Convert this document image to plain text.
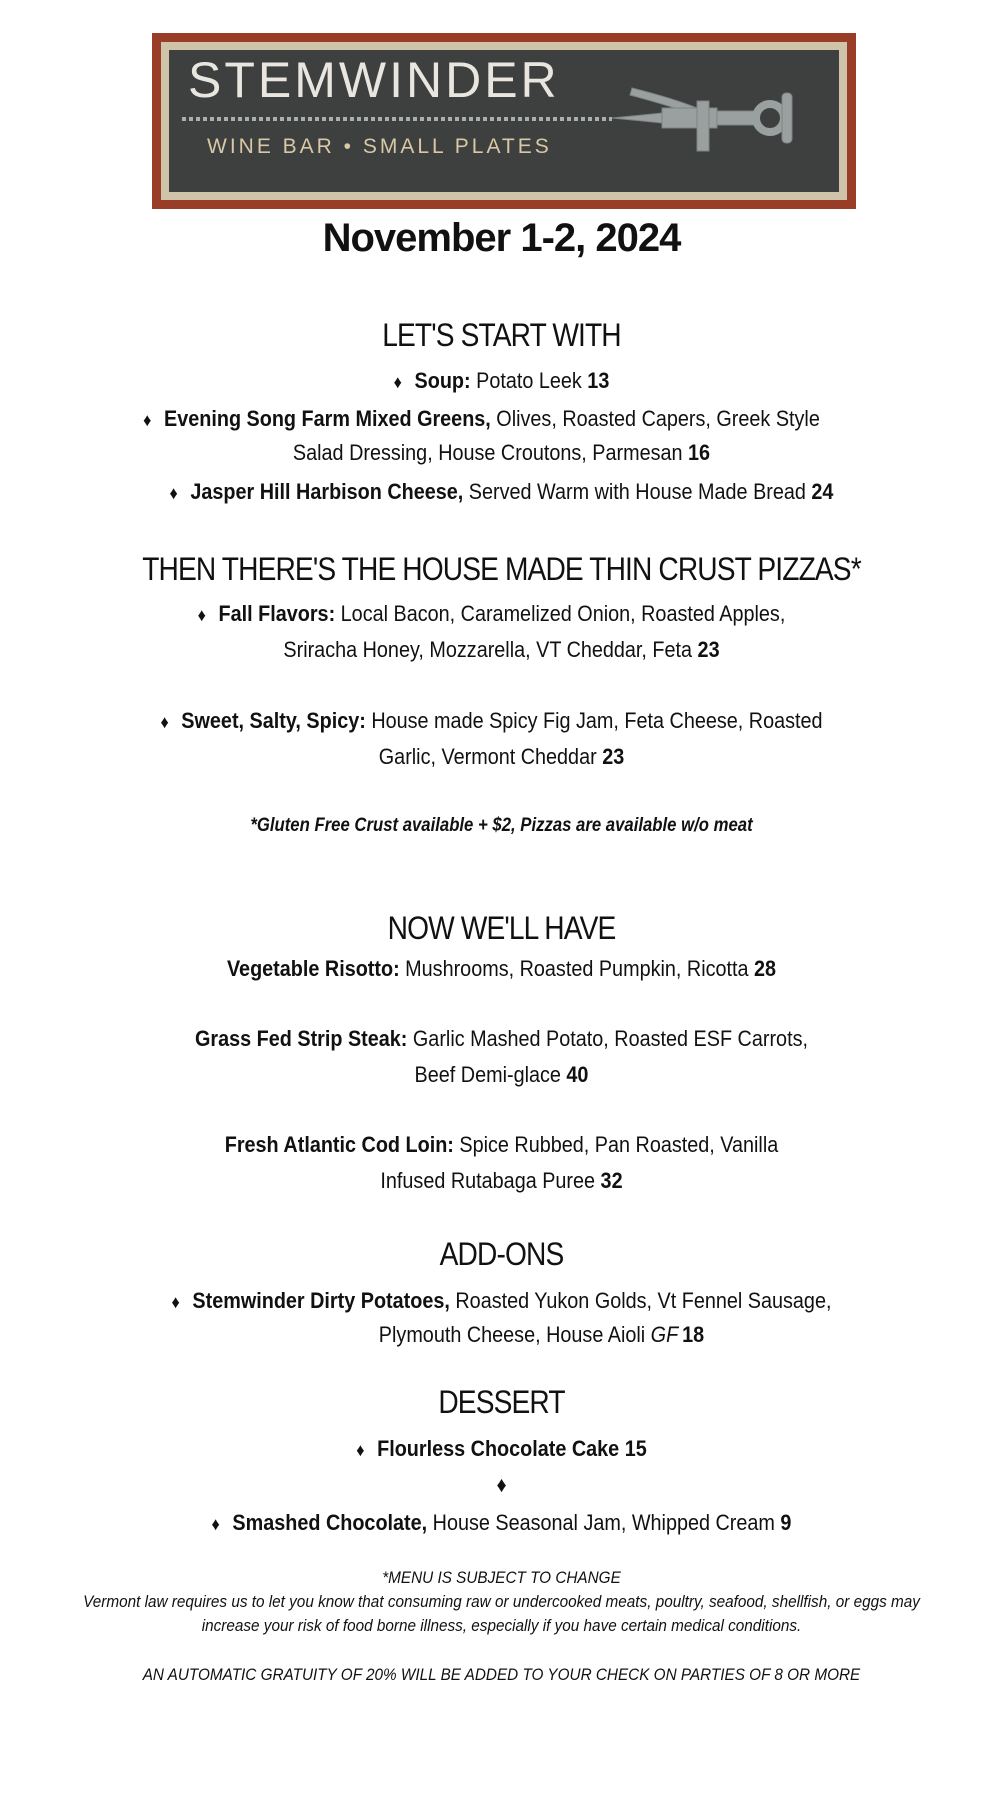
STEMWINDER
WINE BAR • SMALL PLATES
November 1-2, 2024
LET'S START WITH
♦ Soup: Potato Leek 13
♦ Evening Song Farm Mixed Greens, Olives, Roasted Capers, Greek Style
Salad Dressing, House Croutons, Parmesan 16
♦ Jasper Hill Harbison Cheese, Served Warm with House Made Bread 24
THEN THERE'S THE HOUSE MADE THIN CRUST PIZZAS*
♦ Fall Flavors: Local Bacon, Caramelized Onion, Roasted Apples,
Sriracha Honey, Mozzarella, VT Cheddar, Feta 23
♦ Sweet, Salty, Spicy: House made Spicy Fig Jam, Feta Cheese, Roasted
Garlic, Vermont Cheddar 23
*Gluten Free Crust available + $2, Pizzas are available w/o meat
NOW WE'LL HAVE
Vegetable Risotto: Mushrooms, Roasted Pumpkin, Ricotta 28
Grass Fed Strip Steak: Garlic Mashed Potato, Roasted ESF Carrots,
Beef Demi-glace 40
Fresh Atlantic Cod Loin: Spice Rubbed, Pan Roasted, Vanilla
Infused Rutabaga Puree 32
ADD-ONS
♦ Stemwinder Dirty Potatoes, Roasted Yukon Golds, Vt Fennel Sausage,
Plymouth Cheese, House Aioli GF  18
DESSERT
♦ Flourless Chocolate Cake 15
♦
♦ Smashed Chocolate, House Seasonal Jam, Whipped Cream 9
*MENU IS SUBJECT TO CHANGE
Vermont law requires us to let you know that consuming raw or undercooked meats, poultry, seafood, shellfish, or eggs may
increase your risk of food borne illness, especially if you have certain medical conditions.
AN AUTOMATIC GRATUITY OF 20% WILL BE ADDED TO YOUR CHECK ON PARTIES OF 8 OR MORE
